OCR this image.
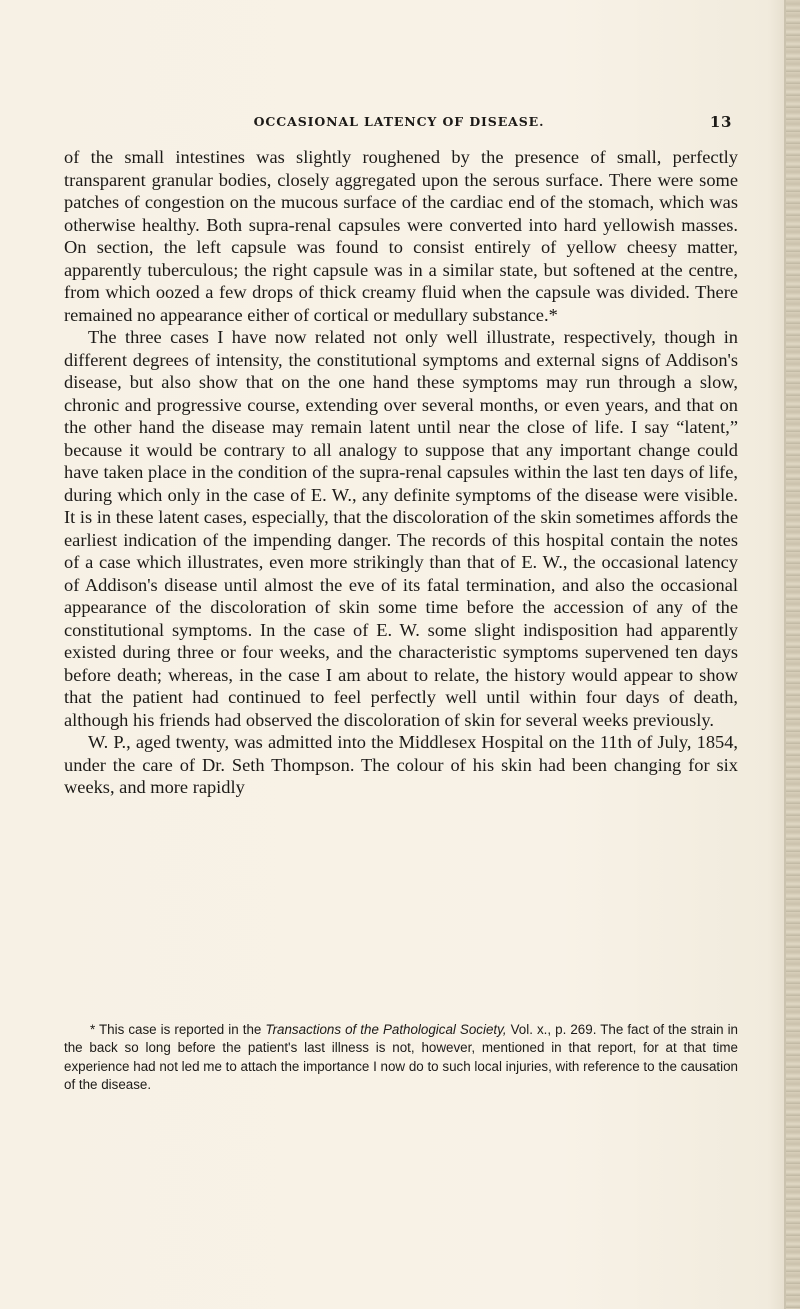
OCCASIONAL LATENCY OF DISEASE.	13

of the small intestines was slightly roughened by the presence of small, perfectly transparent granular bodies, closely aggregated upon the serous surface. There were some patches of congestion on the mucous surface of the cardiac end of the stomach, which was otherwise healthy. Both supra-renal capsules were converted into hard yellowish masses. On section, the left capsule was found to consist entirely of yellow cheesy matter, apparently tuberculous; the right capsule was in a similar state, but softened at the centre, from which oozed a few drops of thick creamy fluid when the capsule was divided. There remained no appearance either of cortical or medullary substance.*

The three cases I have now related not only well illustrate, respectively, though in different degrees of intensity, the constitutional symptoms and external signs of Addison's disease, but also show that on the one hand these symptoms may run through a slow, chronic and progressive course, extending over several months, or even years, and that on the other hand the disease may remain latent until near the close of life. I say “latent,” because it would be contrary to all analogy to suppose that any important change could have taken place in the condition of the supra-renal capsules within the last ten days of life, during which only in the case of E. W., any definite symptoms of the disease were visible. It is in these latent cases, especially, that the discoloration of the skin sometimes affords the earliest indication of the impending danger. The records of this hospital contain the notes of a case which illustrates, even more strikingly than that of E. W., the occasional latency of Addison's disease until almost the eve of its fatal termination, and also the occasional appearance of the discoloration of skin some time before the accession of any of the constitutional symptoms. In the case of E. W. some slight indisposition had apparently existed during three or four weeks, and the characteristic symptoms supervened ten days before death; whereas, in the case I am about to relate, the history would appear to show that the patient had continued to feel perfectly well until within four days of death, although his friends had observed the discoloration of skin for several weeks previously.

W. P., aged twenty, was admitted into the Middlesex Hospital on the 11th of July, 1854, under the care of Dr. Seth Thompson. The colour of his skin had been changing for six weeks, and more rapidly

* This case is reported in the Transactions of the Pathological Society, Vol. x., p. 269. The fact of the strain in the back so long before the patient's last illness is not, however, mentioned in that report, for at that time experience had not led me to attach the importance I now do to such local injuries, with reference to the causation of the disease.
